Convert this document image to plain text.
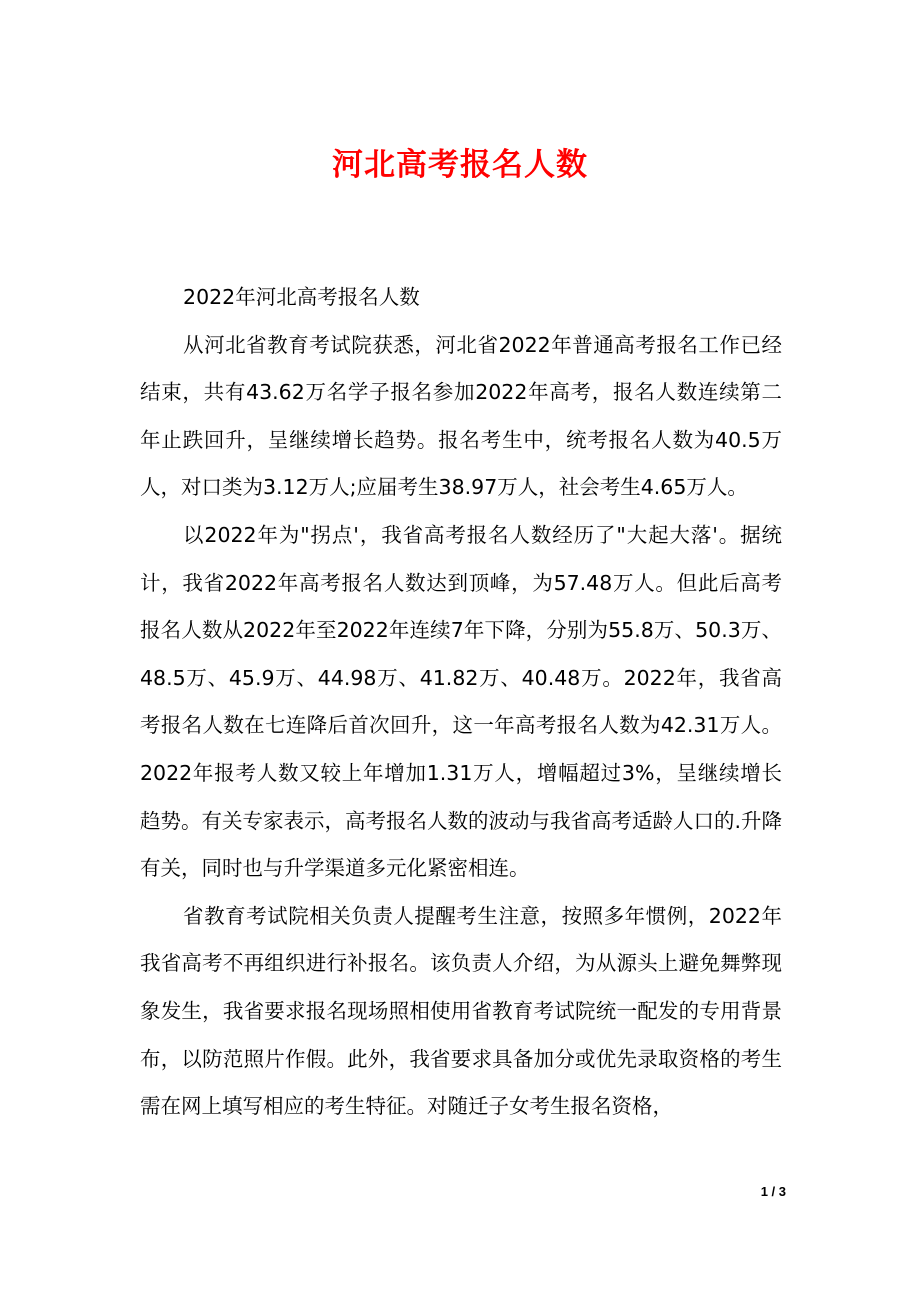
河北高考报名人数

2022年河北高考报名人数

从河北省教育考试院获悉，河北省2022年普通高考报名工作已经结束，共有43.62万名学子报名参加2022年高考，报名人数连续第二年止跌回升，呈继续增长趋势。报名考生中，统考报名人数为40.5万人，对口类为3.12万人;应届考生38.97万人，社会考生4.65万人。

以2022年为"拐点'，我省高考报名人数经历了"大起大落'。据统计，我省2022年高考报名人数达到顶峰，为57.48万人。但此后高考报名人数从2022年至2022年连续7年下降，分别为55.8万、50.3万、48.5万、45.9万、44.98万、41.82万、40.48万。2022年，我省高考报名人数在七连降后首次回升，这一年高考报名人数为42.31万人。2022年报考人数又较上年增加1.31万人，增幅超过3%，呈继续增长趋势。有关专家表示，高考报名人数的波动与我省高考适龄人口的.升降有关，同时也与升学渠道多元化紧密相连。

省教育考试院相关负责人提醒考生注意，按照多年惯例，2022年我省高考不再组织进行补报名。该负责人介绍，为从源头上避免舞弊现象发生，我省要求报名现场照相使用省教育考试院统一配发的专用背景布，以防范照片作假。此外，我省要求具备加分或优先录取资格的考生需在网上填写相应的考生特征。对随迁子女考生报名资格，

1 / 3
